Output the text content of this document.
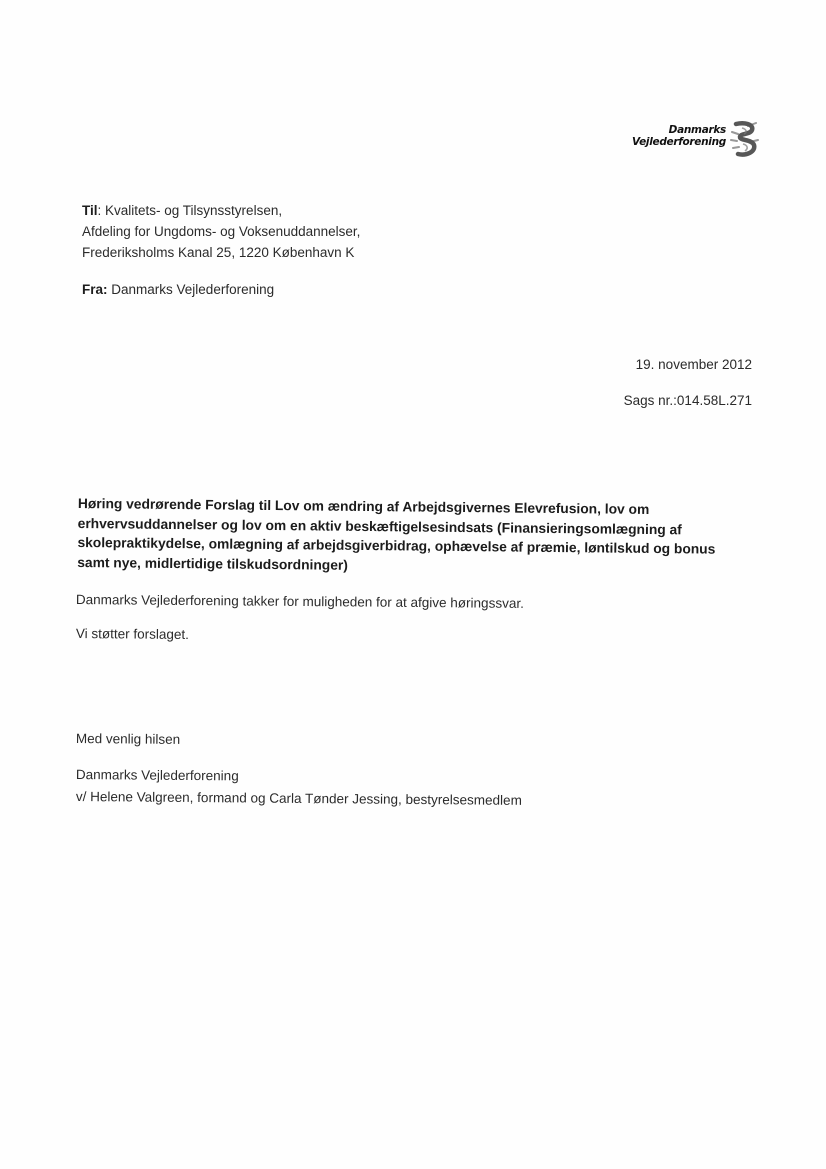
Danmarks
Vejlederforening
Til: Kvalitets- og Tilsynsstyrelsen,
Afdeling for Ungdoms- og Voksenuddannelser,
Frederiksholms Kanal 25, 1220 København K
Fra: Danmarks Vejlederforening
19. november 2012
Sags nr.:014.58L.271
Høring vedrørende Forslag til Lov om ændring af Arbejdsgivernes Elevrefusion, lov om
erhvervsuddannelser og lov om en aktiv beskæftigelsesindsats (Finansieringsomlægning af
skolepraktikydelse, omlægning af arbejdsgiverbidrag, ophævelse af præmie, løntilskud og bonus
samt nye, midlertidige tilskudsordninger)
Danmarks Vejlederforening takker for muligheden for at afgive høringssvar.
Vi støtter forslaget.
Med venlig hilsen
Danmarks Vejlederforening
v/ Helene Valgreen, formand og Carla Tønder Jessing, bestyrelsesmedlem
